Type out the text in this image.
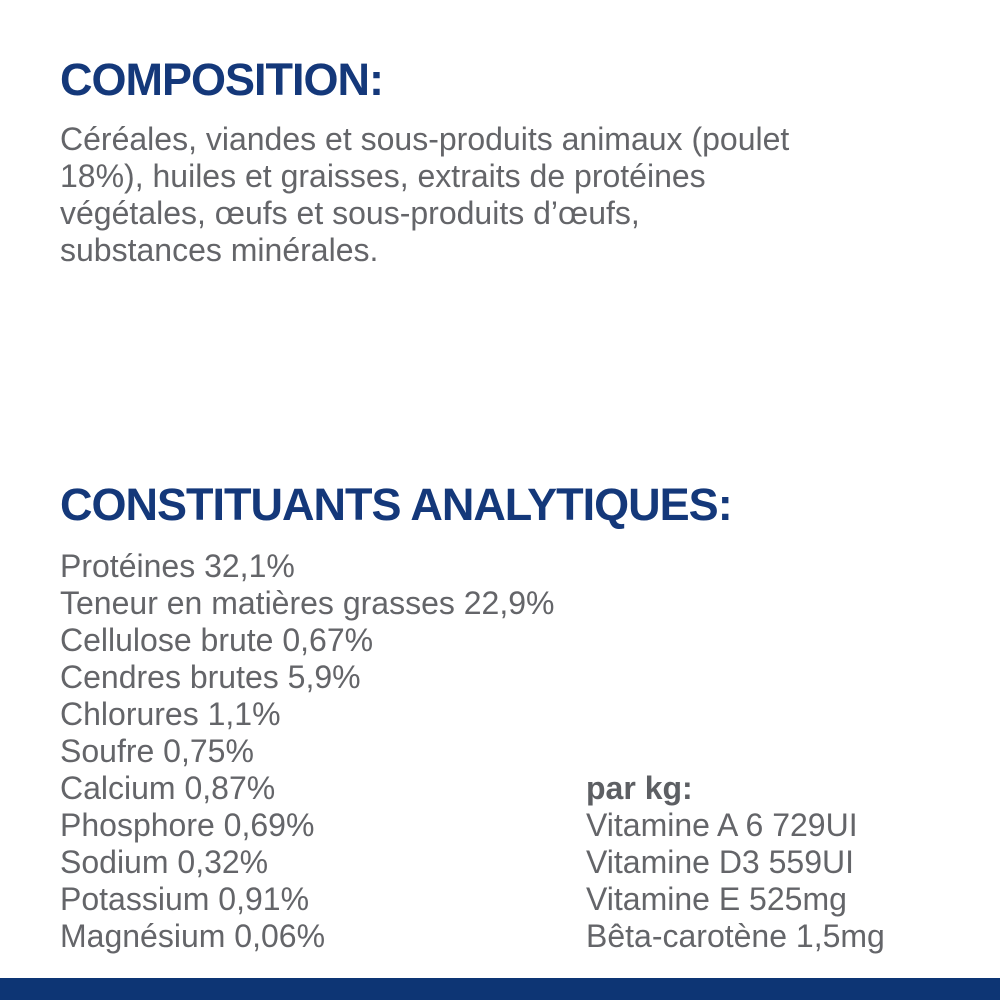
COMPOSITION:
Céréales, viandes et sous-produits animaux (poulet
18%), huiles et graisses, extraits de protéines
végétales, œufs et sous-produits d’œufs,
substances minérales.
CONSTITUANTS ANALYTIQUES:
Protéines 32,1%
Teneur en matières grasses 22,9%
Cellulose brute 0,67%
Cendres brutes 5,9%
Chlorures 1,1%
Soufre 0,75%
Calcium 0,87%
Phosphore 0,69%
Sodium 0,32%
Potassium 0,91%
Magnésium 0,06%
par kg:
Vitamine A 6 729UI
Vitamine D3 559UI
Vitamine E 525mg
Bêta-carotène 1,5mg
